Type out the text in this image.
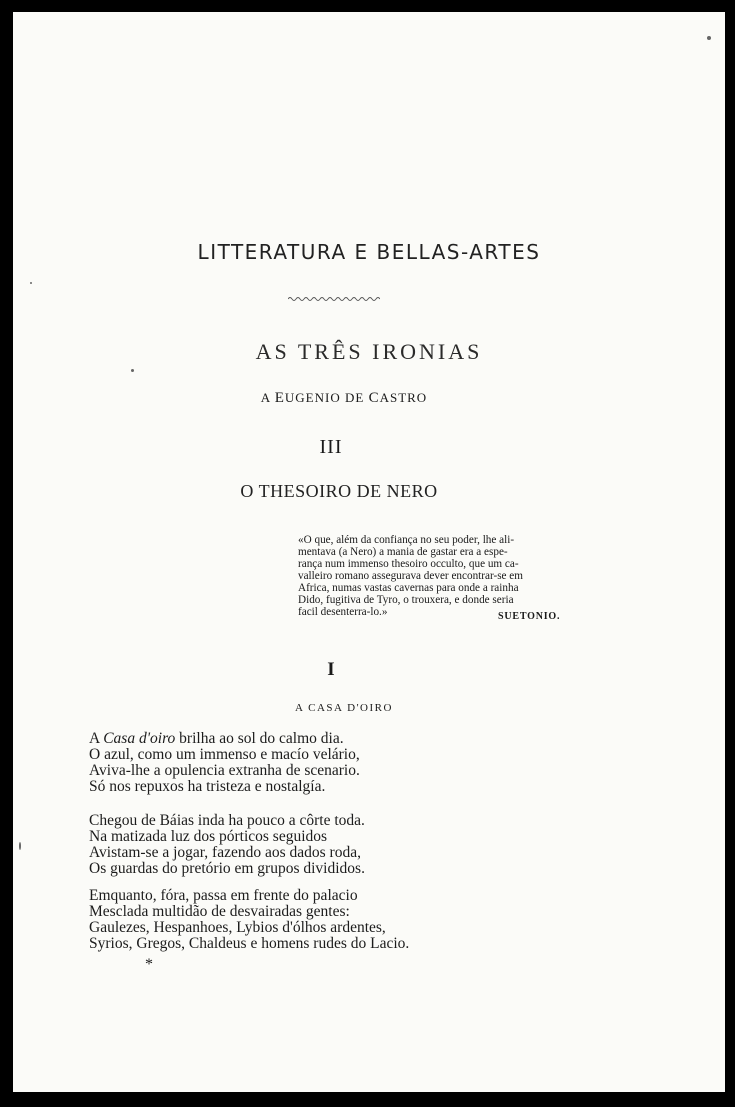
LITTERATURA E BELLAS-ARTES
AS TRÊS IRONIAS
A EUGENIO DE CASTRO
III
O THESOIRO DE NERO
«O que, além da confiança no seu poder, lhe ali-
mentava (a Nero) a mania de gastar era a espe-
rança num immenso thesoiro occulto, que um ca-
valleiro romano assegurava dever encontrar-se em
Africa, numas vastas cavernas para onde a rainha
Dido, fugitiva de Tyro, o trouxera, e donde seria
facil desenterra-lo.»	SUETONIO.
I
A CASA D'OIRO
A Casa d'oiro brilha ao sol do calmo dia.
O azul, como um immenso e macío velário,
Aviva-lhe a opulencia extranha de scenario.
Só nos repuxos ha tristeza e nostalgía.
Chegou de Báias inda ha pouco a côrte toda.
Na matizada luz dos pórticos seguidos
Avistam-se a jogar, fazendo aos dados roda,
Os guardas do pretório em grupos divididos.
Emquanto, fóra, passa em frente do palacio
Mesclada multidão de desvairadas gentes:
Gaulezes, Hespanhoes, Lybios d'ólhos ardentes,
Syrios, Gregos, Chaldeus e homens rudes do Lacio.
*
